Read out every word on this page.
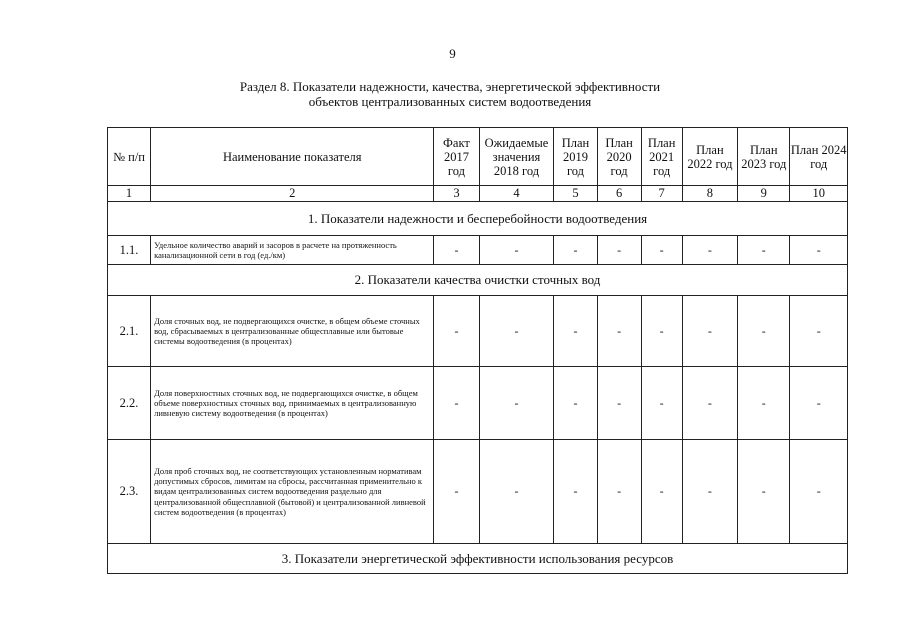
9
Раздел 8. Показатели надежности, качества, энергетической эффективности
объектов централизованных систем водоотведения
№ п/п	Наименование показателя	Факт 2017 год	Ожидаемые значения 2018 год	План 2019 год	План 2020 год	План 2021 год	План 2022 год	План 2023 год	План 2024 год
1	2	3	4	5	6	7	8	9	10
1. Показатели надежности и бесперебойности водоотведения									
1.1.	Удельное количество аварий и засоров в расчете на протяженность канализационной сети в год (ед./км)	-	-	-	-	-	-	-	-
2. Показатели качества очистки сточных вод									
2.1.	Доля сточных вод, не подвергающихся очистке, в общем объеме сточных вод, сбрасываемых в централизованные общесплавные или бытовые системы водоотведения (в процентах)	-	-	-	-	-	-	-	-
2.2.	Доля поверхностных сточных вод, не подвергающихся очистке, в общем объеме поверхностных сточных вод, принимаемых в централизованную ливневую систему водоотведения (в процентах)	-	-	-	-	-	-	-	-
2.3.	Доля проб сточных вод, не соответствующих установленным нормативам допустимых сбросов, лимитам на сбросы, рассчитанная применительно к видам централизованных систем водоотведения раздельно для централизованной общесплавной (бытовой) и централизованной ливневой систем водоотведения (в процентах)	-	-	-	-	-	-	-	-
3. Показатели энергетической эффективности использования ресурсов									
